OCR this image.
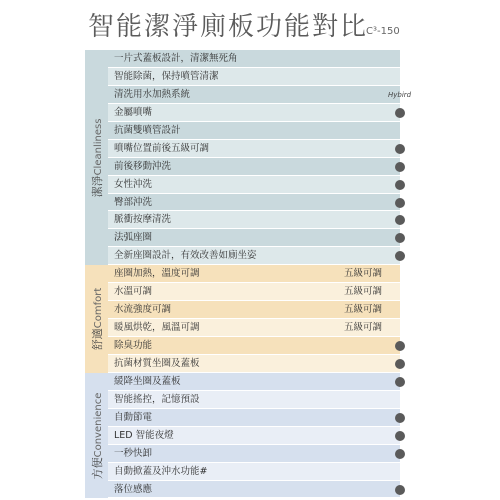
智能潔淨廁板功能對比
C³-150
潔淨Cleanliness
一片式蓋板設計，清潔無死角
智能除菌，保持噴管清潔
清洗用水加熱系統	Hybird
金屬噴嘴
抗菌雙噴管設計
噴嘴位置前後五級可調
前後移動沖洗
女性沖洗
臀部沖洗
脈衝按摩清洗
法弧座圈
全新座圈設計，有效改善如廁坐姿
舒適Comfort
座圈加熱，溫度可調	五級可調
水溫可調	五級可調
水流強度可調	五級可調
暖風烘乾，風溫可調	五級可調
除臭功能
抗菌材質坐圈及蓋板
方便Convenience
緩降坐圈及蓋板
智能搖控，記憶預設
自動節電
LED 智能夜燈
一秒快卸
自動掀蓋及沖水功能#
落位感應
